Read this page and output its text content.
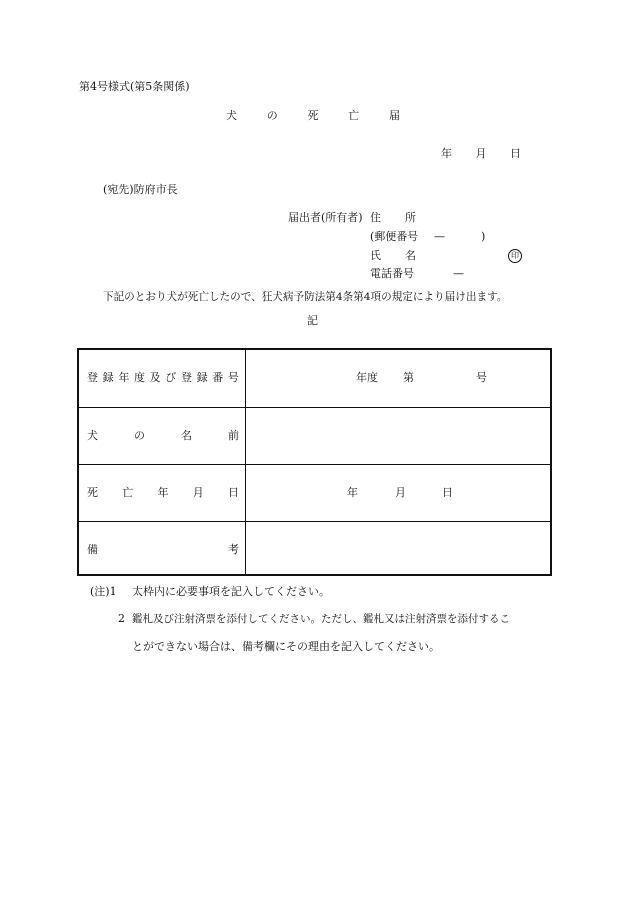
第4号様式(第5条関係)
犬	の	死	亡	届
年 月 日
(宛先)防府市長
届出者(所有者) 住 所
(郵便番号 —	)
氏 名	印
電話番号	—
下記のとおり犬が死亡したので、狂犬病予防法第4条第4項の規定により届け出ます。
記
登 録 年 度 及 び 登 録 番 号	年度 第	号
犬	の	名	前
死 亡 年 月 日	年	月	日
備	考
(注)1 太枠内に必要事項を記入してください。
2 鑑札及び注射済票を添付してください。ただし、鑑札又は注射済票を添付するこ
とができない場合は、備考欄にその理由を記入してください。
